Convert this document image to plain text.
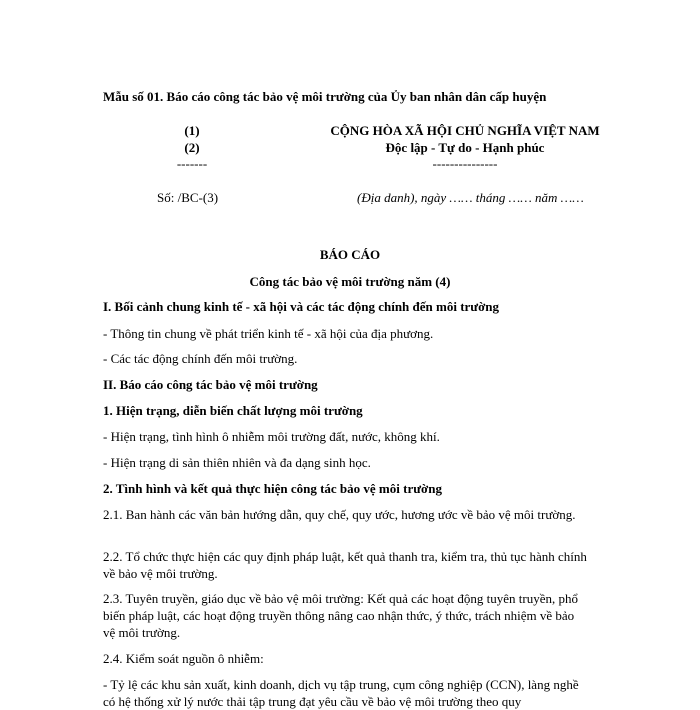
Mẫu số 01. Báo cáo công tác bảo vệ môi trường của Ủy ban nhân dân cấp huyện
(1)
(2)
-------
CỘNG HÒA XÃ HỘI CHỦ NGHĨA VIỆT NAM
Độc lập - Tự do - Hạnh phúc
---------------
Số: /BC-(3)	(Địa danh), ngày …… tháng …… năm ……
BÁO CÁO
Công tác bảo vệ môi trường năm (4)
I. Bối cảnh chung kinh tế - xã hội và các tác động chính đến môi trường
- Thông tin chung về phát triển kinh tế - xã hội của địa phương.
- Các tác động chính đến môi trường.
II. Báo cáo công tác bảo vệ môi trường
1. Hiện trạng, diễn biến chất lượng môi trường
- Hiện trạng, tình hình ô nhiễm môi trường đất, nước, không khí.
- Hiện trạng di sản thiên nhiên và đa dạng sinh học.
2. Tình hình và kết quả thực hiện công tác bảo vệ môi trường
2.1. Ban hành các văn bản hướng dẫn, quy chế, quy ước, hương ước về bảo vệ môi trường.
2.2. Tổ chức thực hiện các quy định pháp luật, kết quả thanh tra, kiểm tra, thủ tục hành chính về bảo vệ môi trường.
2.3. Tuyên truyền, giáo dục về bảo vệ môi trường: Kết quả các hoạt động tuyên truyền, phổ biến pháp luật, các hoạt động truyền thông nâng cao nhận thức, ý thức, trách nhiệm về bảo vệ môi trường.
2.4. Kiểm soát nguồn ô nhiễm:
- Tỷ lệ các khu sản xuất, kinh doanh, dịch vụ tập trung, cụm công nghiệp (CCN), làng nghề có hệ thống xử lý nước thải tập trung đạt yêu cầu về bảo vệ môi trường theo quy
